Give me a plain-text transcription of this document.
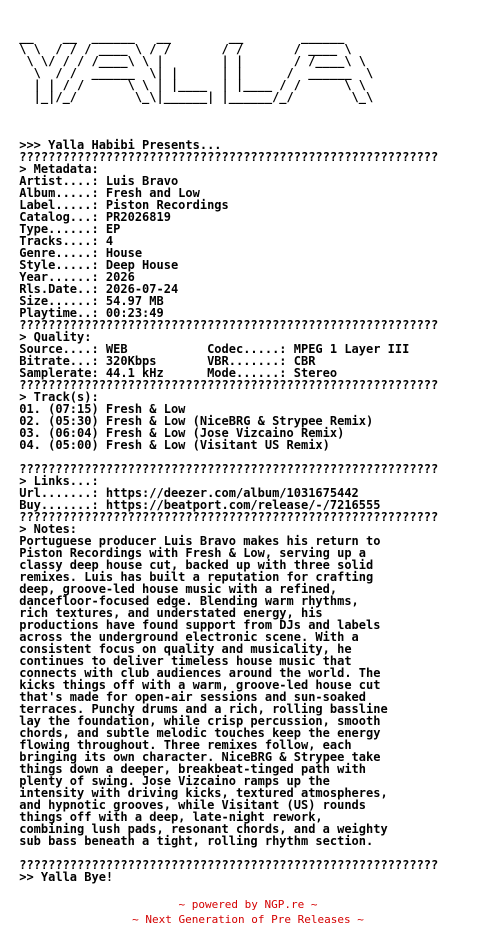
__    __  ______   __        __        ______
\ \  / / / ____ \ / /       / /       / ____ \
\ \/ / / /____\ \ |        | |       / /____\ \
\  / /  ______  \| |      | |      /  ______  \
| | / /      \ \ | |____  | |____ / /      \ \
|_|/_/        \_\|______| |______/_/        \_\

>>> Yalla Habibi Presents...
??????????????????????????????????????????????????????????
> Metadata:
Artist....: Luis Bravo
Album.....: Fresh and Low
Label.....: Piston Recordings
Catalog...: PR2026819
Type......: EP
Tracks....: 4
Genre.....: House
Style.....: Deep House
Year......: 2026
Rls.Date..: 2026-07-24
Size......: 54.97 MB
Playtime..: 00:23:49
??????????????????????????????????????????????????????????
> Quality:
Source....: WEB           Codec.....: MPEG 1 Layer III
Bitrate...: 320Kbps       VBR.......: CBR
Samplerate: 44.1 kHz      Mode......: Stereo
??????????????????????????????????????????????????????????
> Track(s):
01. (07:15) Fresh & Low
02. (05:30) Fresh & Low (NiceBRG & Strypee Remix)
03. (06:04) Fresh & Low (Jose Vizcaino Remix)
04. (05:00) Fresh & Low (Visitant US Remix)

??????????????????????????????????????????????????????????
> Links...:
Url.......: https://deezer.com/album/1031675442
Buy.......: https://beatport.com/release/-/7216555
??????????????????????????????????????????????????????????
> Notes:
Portuguese producer Luis Bravo makes his return to
Piston Recordings with Fresh & Low, serving up a
classy deep house cut, backed up with three solid
remixes. Luis has built a reputation for crafting
deep, groove-led house music with a refined,
dancefloor-focused edge. Blending warm rhythms,
rich textures, and understated energy, his
productions have found support from DJs and labels
across the underground electronic scene. With a
consistent focus on quality and musicality, he
continues to deliver timeless house music that
connects with club audiences around the world. The
kicks things off with a warm, groove-led house cut
that's made for open-air sessions and sun-soaked
terraces. Punchy drums and a rich, rolling bassline
lay the foundation, while crisp percussion, smooth
chords, and subtle melodic touches keep the energy
flowing throughout. Three remixes follow, each
bringing its own character. NiceBRG & Strypee take
things down a deeper, breakbeat-tinged path with
plenty of swing. Jose Vizcaino ramps up the
intensity with driving kicks, textured atmospheres,
and hypnotic grooves, while Visitant (US) rounds
things off with a deep, late-night rework,
combining lush pads, resonant chords, and a weighty
sub bass beneath a tight, rolling rhythm section.

??????????????????????????????????????????????????????????
>> Yalla Bye!

~ powered by NGP.re ~
~ Next Generation of Pre Releases ~
